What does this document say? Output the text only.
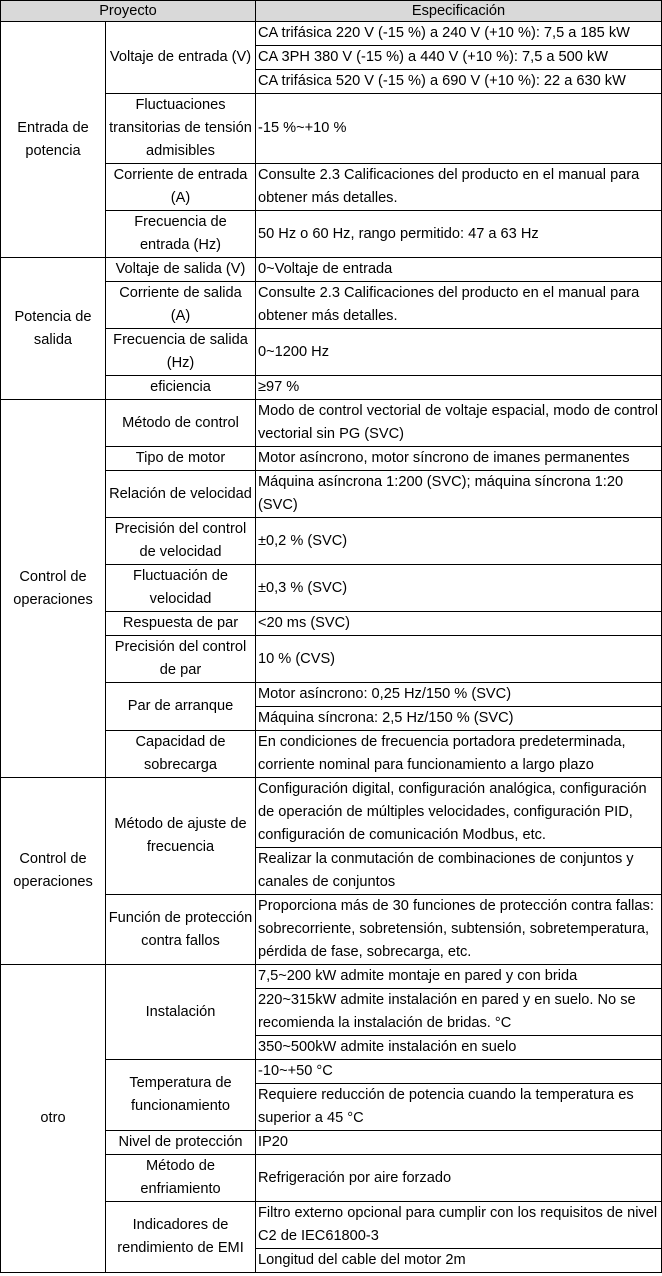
Proyecto		Especificación
Entrada de potencia	Voltaje de entrada (V)	CA trifásica 220 V (-15 %) a 240 V (+10 %): 7,5 a 185 kW
		CA 3PH 380 V (-15 %) a 440 V (+10 %): 7,5 a 500 kW
		CA trifásica 520 V (-15 %) a 690 V (+10 %): 22 a 630 kW
	Fluctuaciones transitorias de tensión admisibles	-15 %~+10 %
	Corriente de entrada (A)	Consulte 2.3 Calificaciones del producto en el manual para obtener más detalles.
	Frecuencia de entrada (Hz)	50 Hz o 60 Hz, rango permitido: 47 a 63 Hz
Potencia de salida	Voltaje de salida (V)	0~Voltaje de entrada
	Corriente de salida (A)	Consulte 2.3 Calificaciones del producto en el manual para obtener más detalles.
	Frecuencia de salida (Hz)	0~1200 Hz
	eficiencia	≥97 %
Control de operaciones	Método de control	Modo de control vectorial de voltaje espacial, modo de control vectorial sin PG (SVC)
	Tipo de motor	Motor asíncrono, motor síncrono de imanes permanentes
	Relación de velocidad	Máquina asíncrona 1:200 (SVC); máquina síncrona 1:20 (SVC)
	Precisión del control de velocidad	±0,2 % (SVC)
	Fluctuación de velocidad	±0,3 % (SVC)
	Respuesta de par	<20 ms (SVC)
	Precisión del control de par	10 % (CVS)
	Par de arranque	Motor asíncrono: 0,25 Hz/150 % (SVC)
		Máquina síncrona: 2,5 Hz/150 % (SVC)
	Capacidad de sobrecarga	En condiciones de frecuencia portadora predeterminada, corriente nominal para funcionamiento a largo plazo
Control de operaciones	Método de ajuste de frecuencia	Configuración digital, configuración analógica, configuración de operación de múltiples velocidades, configuración PID, configuración de comunicación Modbus, etc.
		Realizar la conmutación de combinaciones de conjuntos y canales de conjuntos
	Función de protección contra fallos	Proporciona más de 30 funciones de protección contra fallas: sobrecorriente, sobretensión, subtensión, sobretemperatura, pérdida de fase, sobrecarga, etc.
otro	Instalación	7,5~200 kW admite montaje en pared y con brida
		220~315kW admite instalación en pared y en suelo. No se recomienda la instalación de bridas. °C
		350~500kW admite instalación en suelo
	Temperatura de funcionamiento	-10~+50 °C
		Requiere reducción de potencia cuando la temperatura es superior a 45 °C
	Nivel de protección	IP20
	Método de enfriamiento	Refrigeración por aire forzado
	Indicadores de rendimiento de EMI	Filtro externo opcional para cumplir con los requisitos de nivel C2 de IEC61800-3
		Longitud del cable del motor 2m
